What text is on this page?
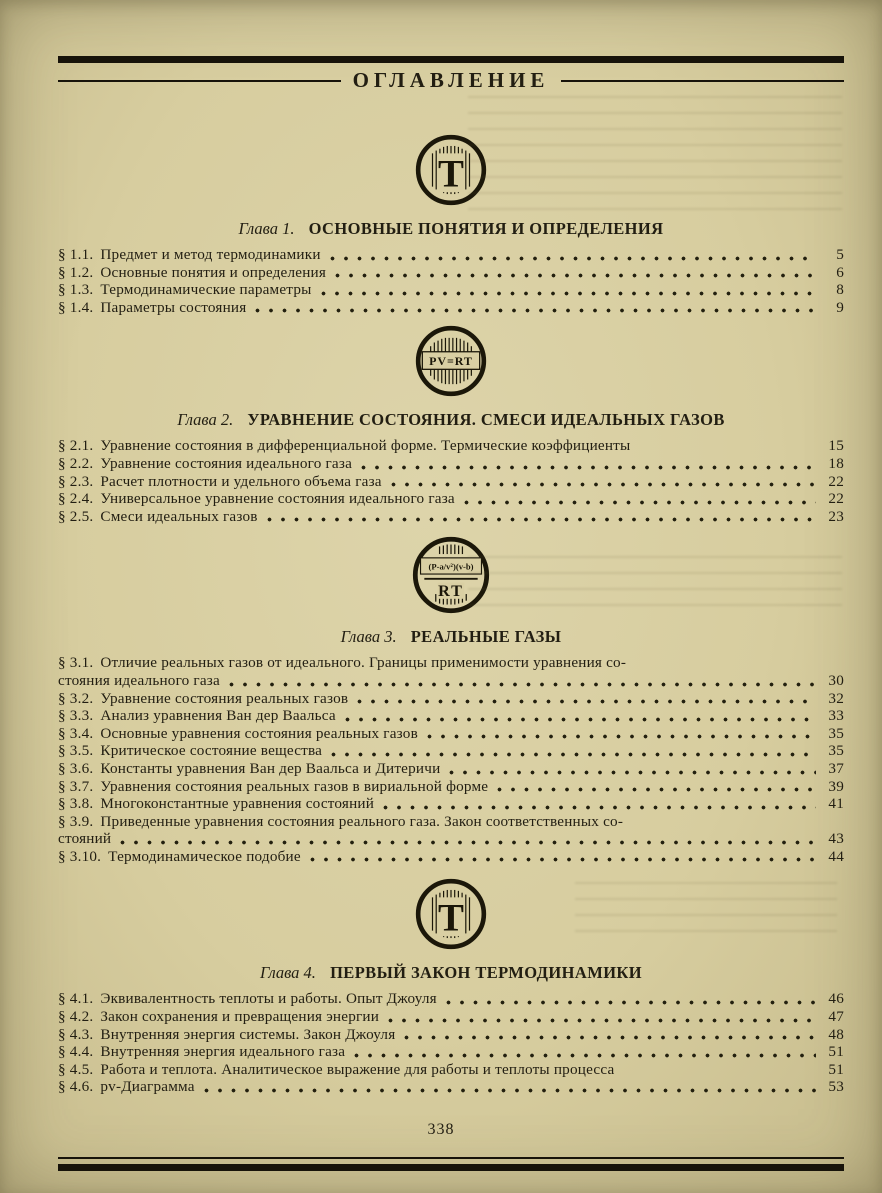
ОГЛАВЛЕНИЕ
T
Глава 1. ОСНОВНЫЕ ПОНЯТИЯ И ОПРЕДЕЛЕНИЯ
§ 1.1. Предмет и метод термодинамики	5
§ 1.2. Основные понятия и определения	6
§ 1.3. Термодинамические параметры	8
§ 1.4. Параметры состояния	9
PV=RT
Глава 2. УРАВНЕНИЕ СОСТОЯНИЯ. СМЕСИ ИДЕАЛЬНЫХ ГАЗОВ
§ 2.1. Уравнение состояния в дифференциальной форме. Термические коэффициенты	15
§ 2.2. Уравнение состояния идеального газа	18
§ 2.3. Расчет плотности и удельного объема газа	22
§ 2.4. Универсальное уравнение состояния идеального газа	22
§ 2.5. Смеси идеальных газов	23
(P-a/v²)(v-b)
RT
Глава 3. РЕАЛЬНЫЕ ГАЗЫ
§ 3.1. Отличие реальных газов от идеального. Границы применимости уравнения со-
стояния идеального газа	30
§ 3.2. Уравнение состояния реальных газов	32
§ 3.3. Анализ уравнения Ван дер Ваальса	33
§ 3.4. Основные уравнения состояния реальных газов	35
§ 3.5. Критическое состояние вещества	35
§ 3.6. Константы уравнения Ван дер Ваальса и Дитеричи	37
§ 3.7. Уравнения состояния реальных газов в вириальной форме	39
§ 3.8. Многоконстантные уравнения состояний	41
§ 3.9. Приведенные уравнения состояния реального газа. Закон соответственных со-
стояний	43
§ 3.10. Термодинамическое подобие	44
T
Глава 4. ПЕРВЫЙ ЗАКОН ТЕРМОДИНАМИКИ
§ 4.1. Эквивалентность теплоты и работы. Опыт Джоуля	46
§ 4.2. Закон сохранения и превращения энергии	47
§ 4.3. Внутренняя энергия системы. Закон Джоуля	48
§ 4.4. Внутренняя энергия идеального газа	51
§ 4.5. Работа и теплота. Аналитическое выражение для работы и теплоты процесса	51
§ 4.6. pv-Диаграмма	53
338
